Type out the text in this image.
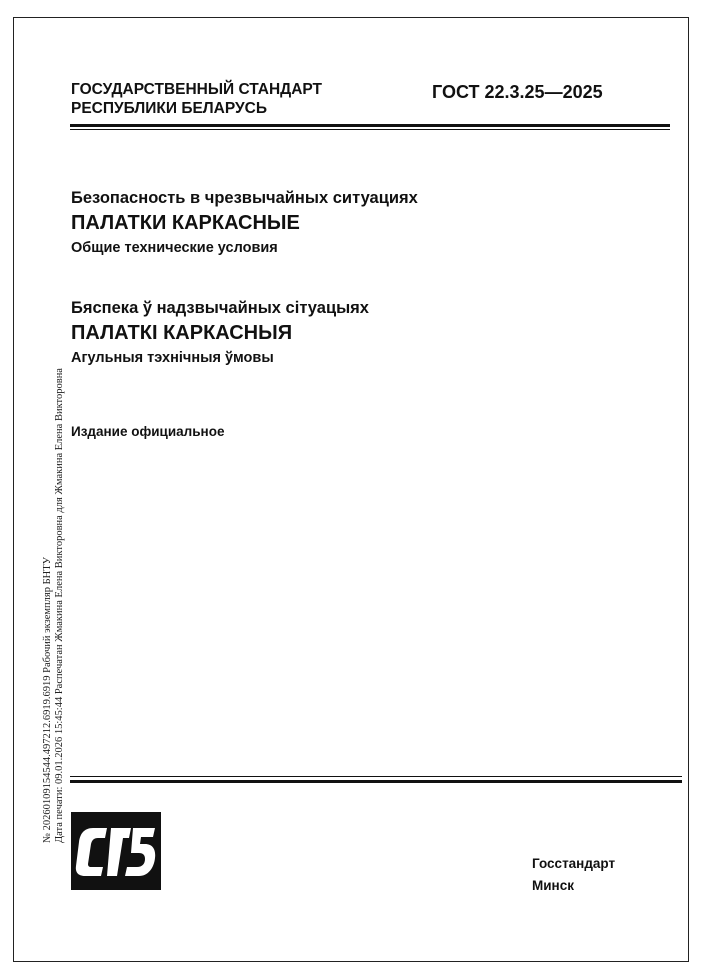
ГОСУДАРСТВЕННЫЙ СТАНДАРТ
РЕСПУБЛИКИ БЕЛАРУСЬ
ГОСТ 22.3.25—2025
Безопасность в чрезвычайных ситуациях
ПАЛАТКИ КАРКАСНЫЕ
Общие технические условия
Бяспека ў надзвычайных сітуацыях
ПАЛАТКІ КАРКАСНЫЯ
Агульныя тэхнічныя ўмовы
Издание официальное
№ 20260109154544.497212.6919.6919 Рабочий экземпляр БНТУ Дата печати: 09.01.2026 15:45:44 Распечатан Жмакина Елена Викторовна для Жмакина Елена Викторовна
Госстандарт
Минск
